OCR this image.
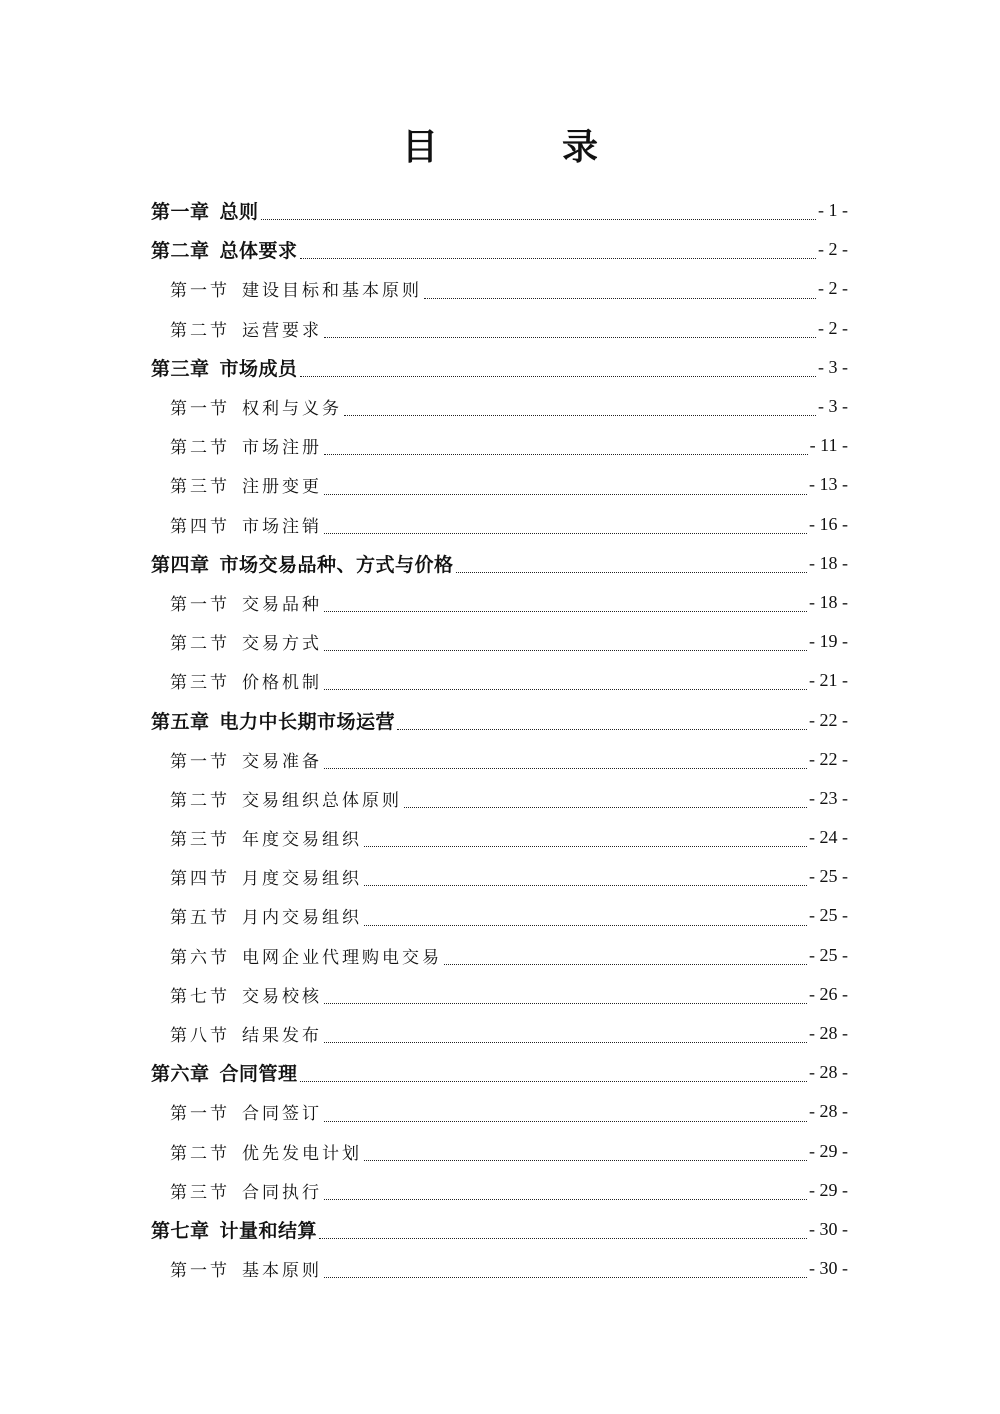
目　录
第一章 总则	- 1 -
第二章 总体要求	- 2 -
第一节 建设目标和基本原则	- 2 -
第二节 运营要求	- 2 -
第三章 市场成员	- 3 -
第一节 权利与义务	- 3 -
第二节 市场注册	- 11 -
第三节 注册变更	- 13 -
第四节 市场注销	- 16 -
第四章 市场交易品种、方式与价格	- 18 -
第一节 交易品种	- 18 -
第二节 交易方式	- 19 -
第三节 价格机制	- 21 -
第五章 电力中长期市场运营	- 22 -
第一节 交易准备	- 22 -
第二节 交易组织总体原则	- 23 -
第三节 年度交易组织	- 24 -
第四节 月度交易组织	- 25 -
第五节 月内交易组织	- 25 -
第六节 电网企业代理购电交易	- 25 -
第七节 交易校核	- 26 -
第八节 结果发布	- 28 -
第六章 合同管理	- 28 -
第一节 合同签订	- 28 -
第二节 优先发电计划	- 29 -
第三节 合同执行	- 29 -
第七章 计量和结算	- 30 -
第一节 基本原则	- 30 -
